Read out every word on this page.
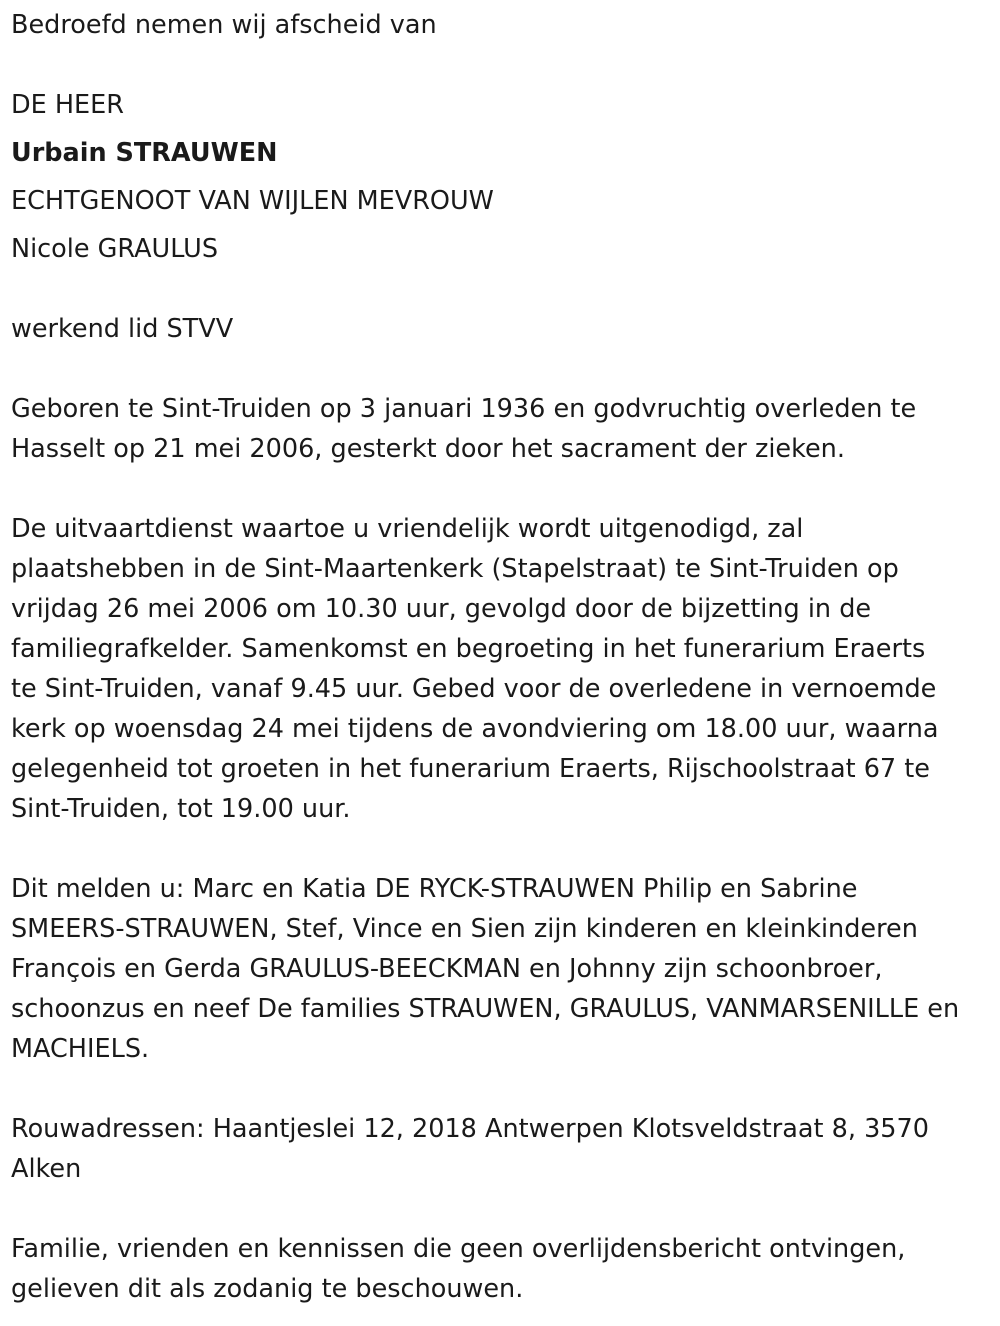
Bedroefd nemen wij afscheid van

DE HEER

Urbain STRAUWEN

ECHTGENOOT VAN WIJLEN MEVROUW

Nicole GRAULUS

werkend lid STVV

Geboren te Sint-Truiden op 3 januari 1936 en godvruchtig overleden te
Hasselt op 21 mei 2006, gesterkt door het sacrament der zieken.

De uitvaartdienst waartoe u vriendelijk wordt uitgenodigd, zal
plaatshebben in de Sint-Maartenkerk (Stapelstraat) te Sint-Truiden op
vrijdag 26 mei 2006 om 10.30 uur, gevolgd door de bijzetting in de
familiegrafkelder. Samenkomst en begroeting in het funerarium Eraerts
te Sint-Truiden, vanaf 9.45 uur. Gebed voor de overledene in vernoemde
kerk op woensdag 24 mei tijdens de avondviering om 18.00 uur, waarna
gelegenheid tot groeten in het funerarium Eraerts, Rijschoolstraat 67 te
Sint-Truiden, tot 19.00 uur.

Dit melden u: Marc en Katia DE RYCK-STRAUWEN Philip en Sabrine
SMEERS-STRAUWEN, Stef, Vince en Sien zijn kinderen en kleinkinderen
François en Gerda GRAULUS-BEECKMAN en Johnny zijn schoonbroer,
schoonzus en neef De families STRAUWEN, GRAULUS, VANMARSENILLE en
MACHIELS.

Rouwadressen: Haantjeslei 12, 2018 Antwerpen Klotsveldstraat 8, 3570
Alken

Familie, vrienden en kennissen die geen overlijdensbericht ontvingen,
gelieven dit als zodanig te beschouwen.
